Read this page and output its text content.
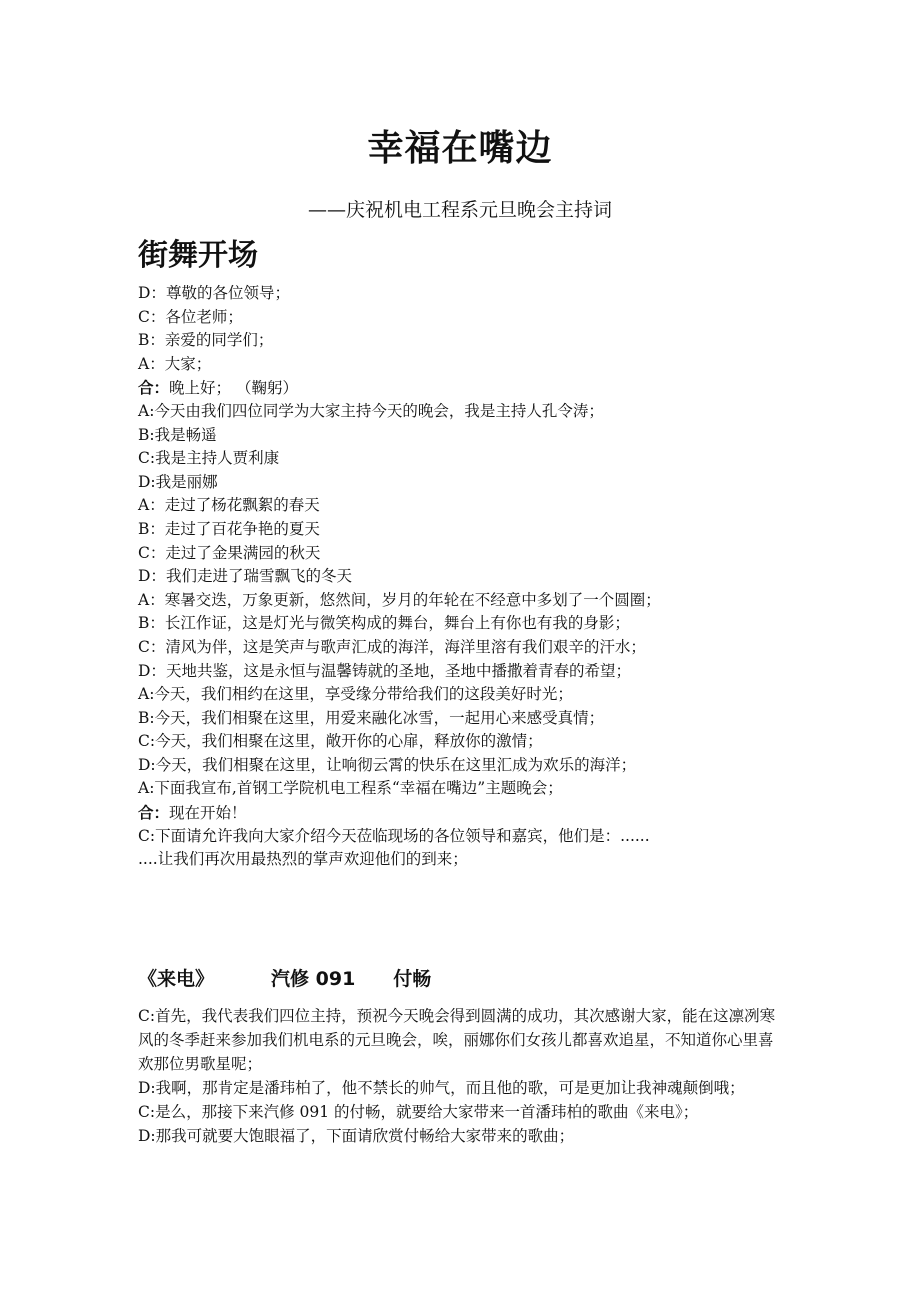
幸福在嘴边
——庆祝机电工程系元旦晚会主持词
街舞开场
D：尊敬的各位领导；
C：各位老师；
B：亲爱的同学们；
A：大家；
合：晚上好； （鞠躬）
A:今天由我们四位同学为大家主持今天的晚会，我是主持人孔令涛；
B:我是畅遥
C:我是主持人贾利康
D:我是丽娜
A：走过了杨花飘絮的春天
B：走过了百花争艳的夏天
C：走过了金果满园的秋天
D：我们走进了瑞雪飘飞的冬天
A：寒暑交迭，万象更新，悠然间，岁月的年轮在不经意中多划了一个圆圈；
B：长江作证，这是灯光与微笑构成的舞台，舞台上有你也有我的身影；
C：清风为伴，这是笑声与歌声汇成的海洋，海洋里溶有我们艰辛的汗水；
D：天地共鉴，这是永恒与温馨铸就的圣地，圣地中播撒着青春的希望；
A:今天，我们相约在这里，享受缘分带给我们的这段美好时光；
B:今天，我们相聚在这里，用爱来融化冰雪，一起用心来感受真情；
C:今天，我们相聚在这里，敞开你的心扉，释放你的激情；
D:今天，我们相聚在这里，让响彻云霄的快乐在这里汇成为欢乐的海洋；
A:下面我宣布,首钢工学院机电工程系“幸福在嘴边”主题晚会；
合：现在开始！
C:下面请允许我向大家介绍今天莅临现场的各位领导和嘉宾，他们是：......
....让我们再次用最热烈的掌声欢迎他们的到来；
《来电》	汽修 091 付畅
C:首先，我代表我们四位主持，预祝今天晚会得到圆满的成功，其次感谢大家，能在这凛冽寒风的冬季赶来参加我们机电系的元旦晚会，唉，丽娜你们女孩儿都喜欢追星，不知道你心里喜欢那位男歌星呢；
D:我啊，那肯定是潘玮柏了，他不禁长的帅气，而且他的歌，可是更加让我神魂颠倒哦；
C:是么，那接下来汽修 091 的付畅，就要给大家带来一首潘玮柏的歌曲《来电》；
D:那我可就要大饱眼福了，下面请欣赏付畅给大家带来的歌曲；
